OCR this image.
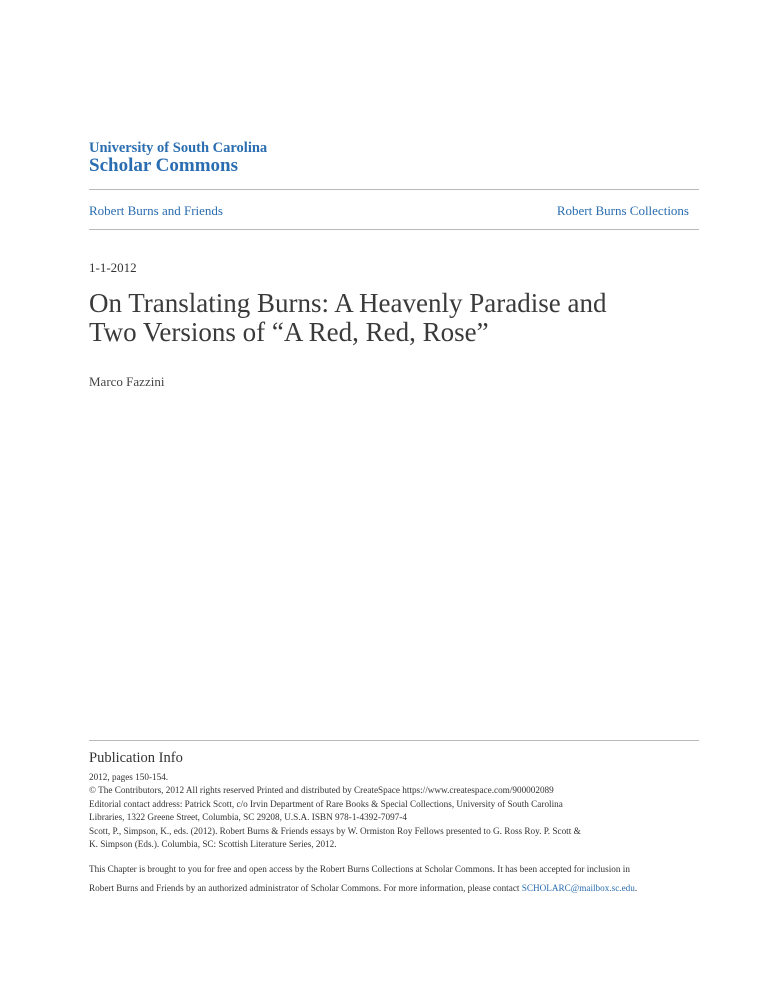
University of South Carolina
Scholar Commons
Robert Burns and Friends	Robert Burns Collections
1-1-2012
On Translating Burns: A Heavenly Paradise and
Two Versions of “A Red, Red, Rose”
Marco Fazzini
Publication Info
2012, pages 150-154.
© The Contributors, 2012 All rights reserved Printed and distributed by CreateSpace https://www.createspace.com/900002089
Editorial contact address: Patrick Scott, c/o Irvin Department of Rare Books & Special Collections, University of South Carolina
Libraries, 1322 Greene Street, Columbia, SC 29208, U.S.A. ISBN 978-1-4392-7097-4
Scott, P., Simpson, K., eds. (2012). Robert Burns & Friends essays by W. Ormiston Roy Fellows presented to G. Ross Roy. P. Scott &
K. Simpson (Eds.). Columbia, SC: Scottish Literature Series, 2012.
This Chapter is brought to you for free and open access by the Robert Burns Collections at Scholar Commons. It has been accepted for inclusion in
Robert Burns and Friends by an authorized administrator of Scholar Commons. For more information, please contact SCHOLARC@mailbox.sc.edu.
